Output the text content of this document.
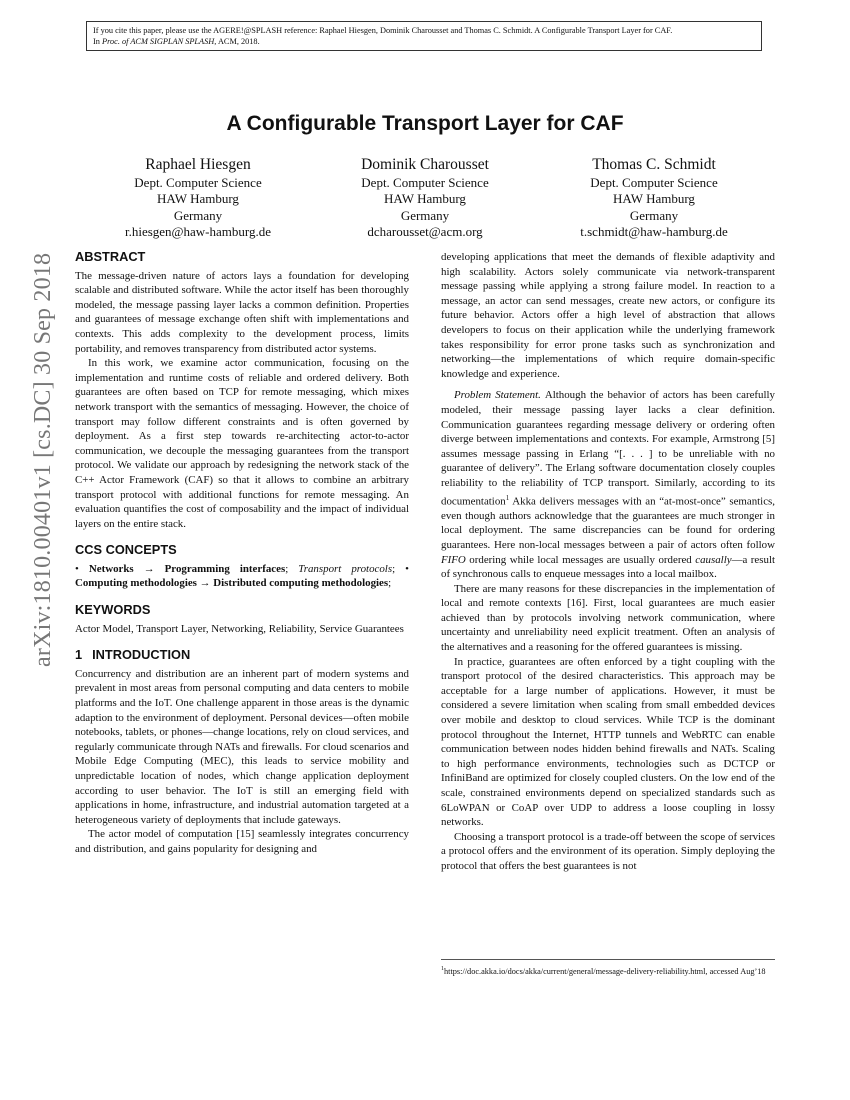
If you cite this paper, please use the AGERE!@SPLASH reference: Raphael Hiesgen, Dominik Charousset and Thomas C. Schmidt. A Configurable Transport Layer for CAF.
In Proc. of ACM SIGPLAN SPLASH, ACM, 2018.
arXiv:1810.00401v1 [cs.DC] 30 Sep 2018
A Configurable Transport Layer for CAF
Raphael Hiesgen
Dept. Computer Science
HAW Hamburg
Germany
r.hiesgen@haw-hamburg.de
Dominik Charousset
Dept. Computer Science
HAW Hamburg
Germany
dcharousset@acm.org
Thomas C. Schmidt
Dept. Computer Science
HAW Hamburg
Germany
t.schmidt@haw-hamburg.de
ABSTRACT

The message-driven nature of actors lays a foundation for developing scalable and distributed software. While the actor itself has been thoroughly modeled, the message passing layer lacks a common definition. Properties and guarantees of message exchange often shift with implementations and contexts. This adds complexity to the development process, limits portability, and removes transparency from distributed actor systems.

In this work, we examine actor communication, focusing on the implementation and runtime costs of reliable and ordered delivery. Both guarantees are often based on TCP for remote messaging, which mixes network transport with the semantics of messaging. However, the choice of transport may follow different constraints and is often governed by deployment. As a first step towards re-architecting actor-to-actor communication, we decouple the messaging guarantees from the transport protocol. We validate our approach by redesigning the network stack of the C++ Actor Framework (CAF) so that it allows to combine an arbitrary transport protocol with additional functions for remote messaging. An evaluation quantifies the cost of composability and the impact of individual layers on the entire stack.

CCS CONCEPTS

• Networks → Programming interfaces; Transport protocols; • Computing methodologies → Distributed computing methodologies;

KEYWORDS

Actor Model, Transport Layer, Networking, Reliability, Service Guarantees

1 INTRODUCTION

Concurrency and distribution are an inherent part of modern systems and prevalent in most areas from personal computing and data centers to mobile platforms and the IoT. One challenge apparent in those areas is the dynamic adaption to the environment of deployment. Personal devices—often mobile notebooks, tablets, or phones—change locations, rely on cloud services, and regularly communicate through NATs and firewalls. For cloud scenarios and Mobile Edge Computing (MEC), this leads to service mobility and unpredictable location of nodes, which change application deployment according to user behavior. The IoT is still an emerging field with applications in home, infrastructure, and industrial automation targeted at a heterogeneous variety of deployments that include gateways.

The actor model of computation [15] seamlessly integrates concurrency and distribution, and gains popularity for designing and

developing applications that meet the demands of flexible adaptivity and high scalability. Actors solely communicate via network-transparent message passing while applying a strong failure model. In reaction to a message, an actor can send messages, create new actors, or configure its future behavior. Actors offer a high level of abstraction that allows developers to focus on their application while the underlying framework takes responsibility for error prone tasks such as synchronization and networking—the implementations of which require domain-specific knowledge and experience.

Problem Statement. Although the behavior of actors has been carefully modeled, their message passing layer lacks a clear definition. Communication guarantees regarding message delivery or ordering often diverge between implementations and contexts. For example, Armstrong [5] assumes message passing in Erlang “[. . . ] to be unreliable with no guarantee of delivery”. The Erlang software documentation closely couples reliability to the reliability of TCP transport. Similarly, according to its documentation$^1$ Akka delivers messages with an “at-most-once” semantics, even though authors acknowledge that the guarantees are much stronger in local deployment. The same discrepancies can be found for ordering guarantees. Here non-local messages between a pair of actors often follow FIFO ordering while local messages are usually ordered causally—a result of synchronous calls to enqueue messages into a local mailbox.

There are many reasons for these discrepancies in the implementation of local and remote contexts [16]. First, local guarantees are much easier achieved than by protocols involving network communication, where uncertainty and unreliability need explicit treatment. Often an analysis of the alternatives and a reasoning for the offered guarantees is missing.

In practice, guarantees are often enforced by a tight coupling with the transport protocol of the desired characteristics. This approach may be acceptable for a large number of applications. However, it must be considered a severe limitation when scaling from small embedded devices over mobile and desktop to cloud services. While TCP is the dominant protocol throughout the Internet, HTTP tunnels and WebRTC can enable communication between nodes hidden behind firewalls and NATs. Scaling to high performance environments, technologies such as DCTCP or InfiniBand are optimized for closely coupled clusters. On the low end of the scale, constrained environments depend on specialized standards such as 6LoWPAN or CoAP over UDP to address a loose coupling in lossy networks.

Choosing a transport protocol is a trade-off between the scope of services a protocol offers and the environment of its operation. Simply deploying the protocol that offers the best guarantees is not

$^1$https://doc.akka.io/docs/akka/current/general/message-delivery-reliability.html, accessed Aug’18
